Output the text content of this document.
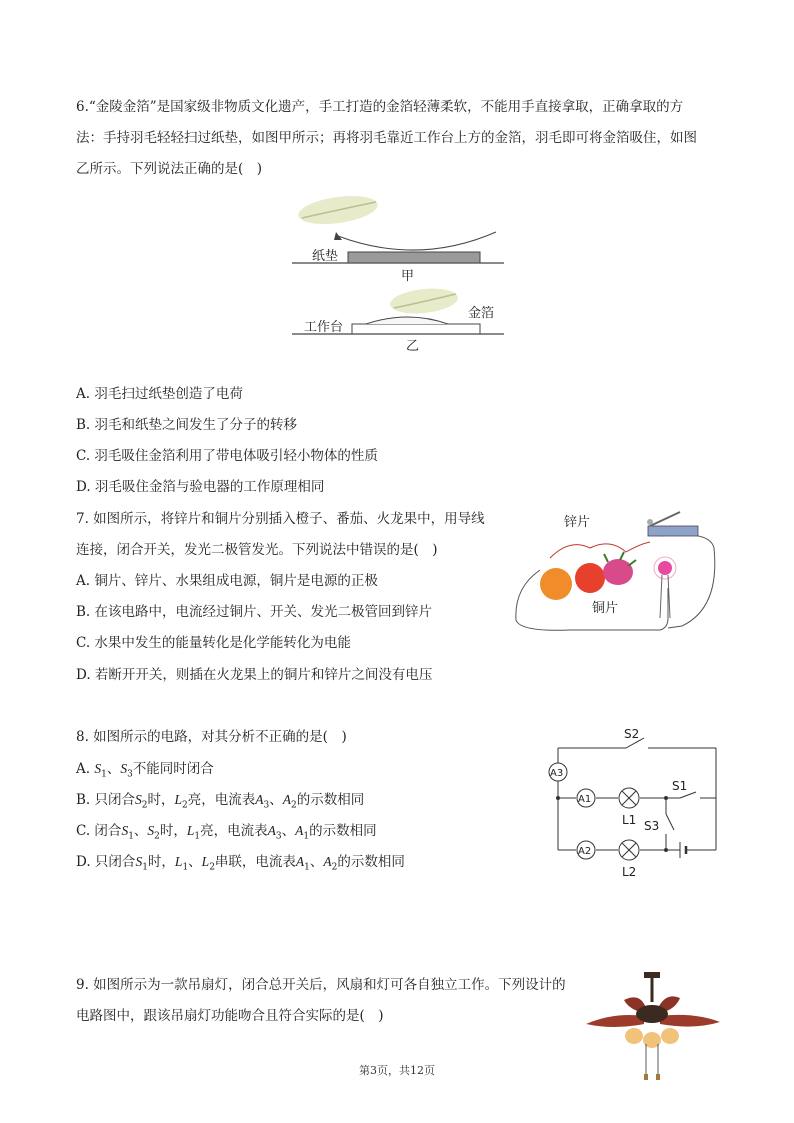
6.“金陵金箔”是国家级非物质文化遗产，手工打造的金箔轻薄柔软，不能用手直接拿取，正确拿取的方
法：手持羽毛轻轻扫过纸垫，如图甲所示；再将羽毛靠近工作台上方的金箔，羽毛即可将金箔吸住，如图
乙所示。下列说法正确的是(　)
纸垫
甲
工作台
金箔
乙
A. 羽毛扫过纸垫创造了电荷
B. 羽毛和纸垫之间发生了分子的转移
C. 羽毛吸住金箔利用了带电体吸引轻小物体的性质
D. 羽毛吸住金箔与验电器的工作原理相同
7. 如图所示，将锌片和铜片分别插入橙子、番茄、火龙果中，用导线
连接，闭合开关，发光二极管发光。下列说法中错误的是(　)
A. 铜片、锌片、水果组成电源，铜片是电源的正极
B. 在该电路中，电流经过铜片、开关、发光二极管回到锌片
C. 水果中发生的能量转化是化学能转化为电能
D. 若断开开关，则插在火龙果上的铜片和锌片之间没有电压
锌片
铜片
8. 如图所示的电路，对其分析不正确的是(　)
A. $S_1$、$S_3$不能同时闭合
B. 只闭合$S_2$时，$L_2$亮，电流表$A_3$、$A_2$的示数相同
C. 闭合$S_1$、$S_2$时，$L_1$亮，电流表$A_3$、$A_1$的示数相同
D. 只闭合$S_1$时，$L_1$、$L_2$串联，电流表$A_1$、$A_2$的示数相同
S2
A3
A1
A2
S1
S3
L1
L2
9. 如图所示为一款吊扇灯，闭合总开关后，风扇和灯可各自独立工作。下列设计的
电路图中，跟该吊扇灯功能吻合且符合实际的是(　)
第3页，共12页
